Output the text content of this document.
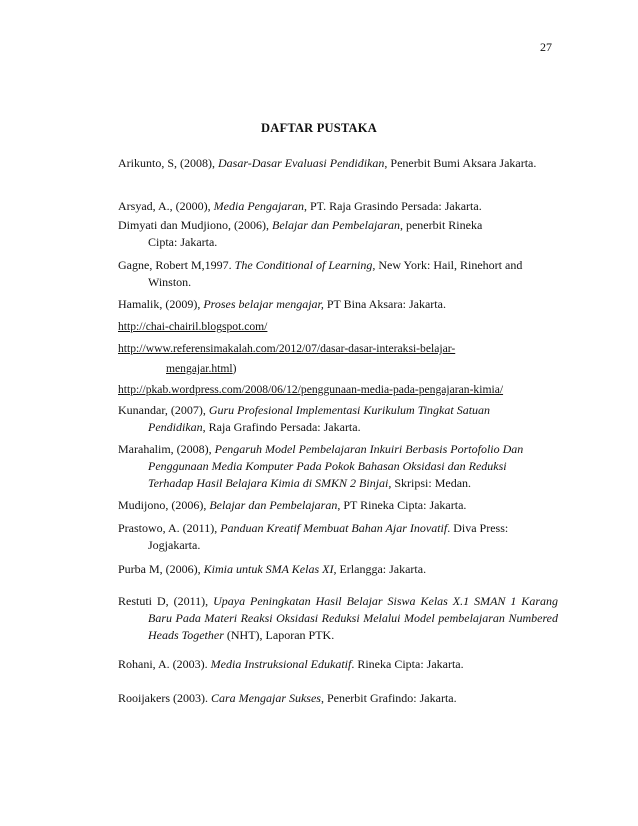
27
DAFTAR PUSTAKA
Arikunto, S, (2008), Dasar-Dasar Evaluasi Pendidikan, Penerbit Bumi Aksara Jakarta.
Arsyad, A., (2000), Media Pengajaran, PT. Raja Grasindo Persada: Jakarta.
Dimyati dan Mudjiono, (2006), Belajar dan Pembelajaran, penerbit Rineka Cipta: Jakarta.
Gagne, Robert M,1997. The Conditional of Learning, New York: Hail, Rinehort and Winston.
Hamalik, (2009), Proses belajar mengajar, PT Bina Aksara: Jakarta.
http://chai-chairil.blogspot.com/
http://www.referensimakalah.com/2012/07/dasar-dasar-interaksi-belajar-
mengajar.html)
http://pkab.wordpress.com/2008/06/12/penggunaan-media-pada-pengajaran-kimia/
Kunandar, (2007), Guru Profesional Implementasi Kurikulum Tingkat Satuan Pendidikan, Raja Grafindo Persada: Jakarta.
Marahalim, (2008), Pengaruh Model Pembelajaran Inkuiri Berbasis Portofolio Dan Penggunaan Media Komputer Pada Pokok Bahasan Oksidasi dan Reduksi Terhadap Hasil Belajara Kimia di SMKN 2 Binjai, Skripsi: Medan.
Mudijono, (2006), Belajar dan Pembelajaran, PT Rineka Cipta: Jakarta.
Prastowo, A. (2011), Panduan Kreatif Membuat Bahan Ajar Inovatif. Diva Press: Jogjakarta.
Purba M, (2006), Kimia untuk SMA Kelas XI, Erlangga: Jakarta.
Restuti D, (2011), Upaya Peningkatan Hasil Belajar Siswa Kelas X.1 SMAN 1 Karang Baru Pada Materi Reaksi Oksidasi Reduksi Melalui Model pembelajaran Numbered Heads Together (NHT), Laporan PTK.
Rohani, A. (2003). Media Instruksional Edukatif. Rineka Cipta: Jakarta.
Rooijakers (2003). Cara Mengajar Sukses, Penerbit Grafindo: Jakarta.
